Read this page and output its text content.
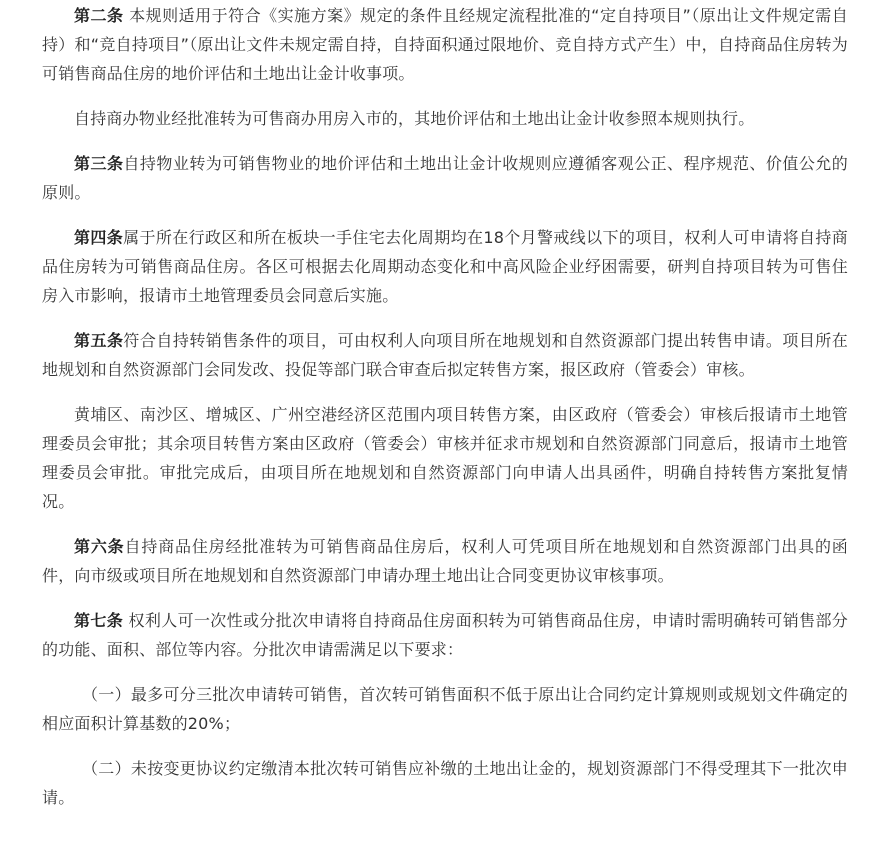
第二条 本规则适用于符合《实施方案》规定的条件且经规定流程批准的“定自持项目”（原出让文件规定需自持）和“竞自持项目”（原出让文件未规定需自持，自持面积通过限地价、竞自持方式产生）中，自持商品住房转为可销售商品住房的地价评估和土地出让金计收事项。

自持商办物业经批准转为可售商办用房入市的，其地价评估和土地出让金计收参照本规则执行。

第三条自持物业转为可销售物业的地价评估和土地出让金计收规则应遵循客观公正、程序规范、价值公允的原则。

第四条属于所在行政区和所在板块一手住宅去化周期均在18个月警戒线以下的项目，权利人可申请将自持商品住房转为可销售商品住房。各区可根据去化周期动态变化和中高风险企业纾困需要，研判自持项目转为可售住房入市影响，报请市土地管理委员会同意后实施。

第五条符合自持转销售条件的项目，可由权利人向项目所在地规划和自然资源部门提出转售申请。项目所在地规划和自然资源部门会同发改、投促等部门联合审查后拟定转售方案，报区政府（管委会）审核。

黄埔区、南沙区、增城区、广州空港经济区范围内项目转售方案，由区政府（管委会）审核后报请市土地管理委员会审批；其余项目转售方案由区政府（管委会）审核并征求市规划和自然资源部门同意后，报请市土地管理委员会审批。审批完成后，由项目所在地规划和自然资源部门向申请人出具函件，明确自持转售方案批复情况。

第六条自持商品住房经批准转为可销售商品住房后，权利人可凭项目所在地规划和自然资源部门出具的函件，向市级或项目所在地规划和自然资源部门申请办理土地出让合同变更协议审核事项。

第七条 权利人可一次性或分批次申请将自持商品住房面积转为可销售商品住房，申请时需明确转可销售部分的功能、面积、部位等内容。分批次申请需满足以下要求：

（一）最多可分三批次申请转可销售，首次转可销售面积不低于原出让合同约定计算规则或规划文件确定的相应面积计算基数的20%；

（二）未按变更协议约定缴清本批次转可销售应补缴的土地出让金的，规划资源部门不得受理其下一批次申请。
